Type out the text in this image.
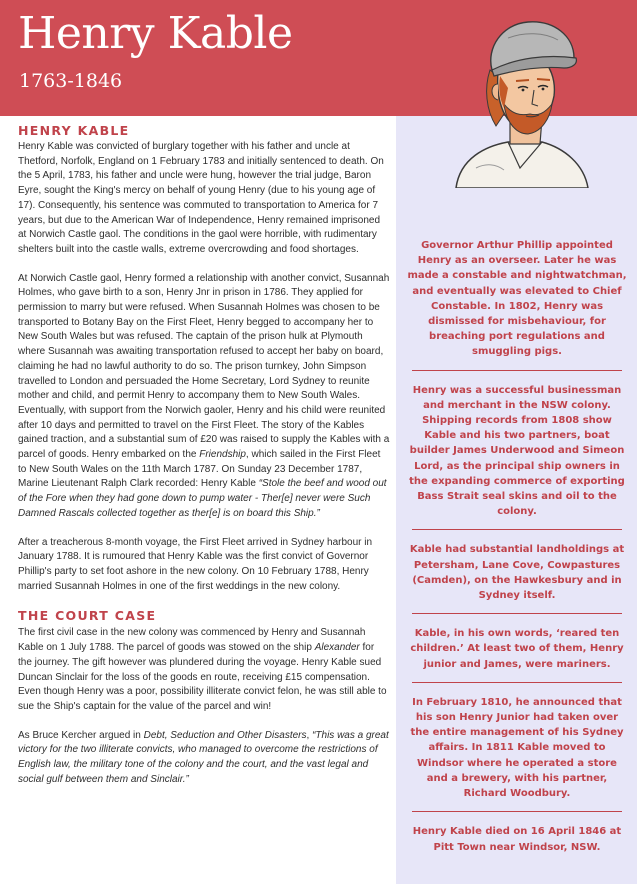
Henry Kable
1763-1846
HENRY KABLE

Henry Kable was convicted of burglary together with his father and uncle at Thetford, Norfolk, England on 1 February 1783 and initially sentenced to death. On the 5 April, 1783, his father and uncle were hung, however the trial judge, Baron Eyre, sought the King's mercy on behalf of young Henry (due to his young age of 17). Consequently, his sentence was commuted to transportation to America for 7 years, but due to the American War of Independence, Henry remained imprisoned at Norwich Castle gaol. The conditions in the gaol were horrible, with rudimentary shelters built into the castle walls, extreme overcrowding and food shortages.

At Norwich Castle gaol, Henry formed a relationship with another convict, Susannah Holmes, who gave birth to a son, Henry Jnr in prison in 1786. They applied for permission to marry but were refused. When Susannah Holmes was chosen to be transported to Botany Bay on the First Fleet, Henry begged to accompany her to New South Wales but was refused. The captain of the prison hulk at Plymouth where Susannah was awaiting transportation refused to accept her baby on board, claiming he had no lawful authority to do so. The prison turnkey, John Simpson travelled to London and persuaded the Home Secretary, Lord Sydney to reunite mother and child, and permit Henry to accompany them to New South Wales. Eventually, with support from the Norwich gaoler, Henry and his child were reunited after 10 days and permitted to travel on the First Fleet. The story of the Kables gained traction, and a substantial sum of £20 was raised to supply the Kables with a parcel of goods. Henry embarked on the Friendship, which sailed in the First Fleet to New South Wales on the 11th March 1787. On Sunday 23 December 1787, Marine Lieutenant Ralph Clark recorded: Henry Kable “Stole the beef and wood out of the Fore when they had gone down to pump water - Ther[e] never were Such Damned Rascals collected together as ther[e] is on board this Ship.”

After a treacherous 8-month voyage, the First Fleet arrived in Sydney harbour in January 1788. It is rumoured that Henry Kable was the first convict of Governor Phillip's party to set foot ashore in the new colony. On 10 February 1788, Henry married Susannah Holmes in one of the first weddings in the new colony.

THE COURT CASE

The first civil case in the new colony was commenced by Henry and Susannah Kable on 1 July 1788. The parcel of goods was stowed on the ship Alexander for the journey. The gift however was plundered during the voyage. Henry Kable sued Duncan Sinclair for the loss of the goods en route, receiving £15 compensation. Even though Henry was a poor, possibility illiterate convict felon, he was still able to sue the Ship's captain for the value of the parcel and win!

As Bruce Kercher argued in Debt, Seduction and Other Disasters, “This was a great victory for the two illiterate convicts, who managed to overcome the restrictions of English law, the military tone of the colony and the court, and the vast legal and social gulf between them and Sinclair.”

Governor Arthur Phillip appointed Henry as an overseer. Later he was made a constable and nightwatchman, and eventually was elevated to Chief Constable. In 1802, Henry was dismissed for misbehaviour, for breaching port regulations and smuggling pigs.
Henry was a successful businessman and merchant in the NSW colony. Shipping records from 1808 show Kable and his two partners, boat builder James Underwood and Simeon Lord, as the principal ship owners in the expanding commerce of exporting Bass Strait seal skins and oil to the colony.
Kable had substantial landholdings at Petersham, Lane Cove, Cowpastures (Camden), on the Hawkesbury and in Sydney itself.
Kable, in his own words, ‘reared ten children.’ At least two of them, Henry junior and James, were mariners.
In February 1810, he announced that his son Henry Junior had taken over the entire management of his Sydney affairs. In 1811 Kable moved to Windsor where he operated a store and a brewery, with his partner, Richard Woodbury.
Henry Kable died on 16 April 1846 at Pitt Town near Windsor, NSW.
